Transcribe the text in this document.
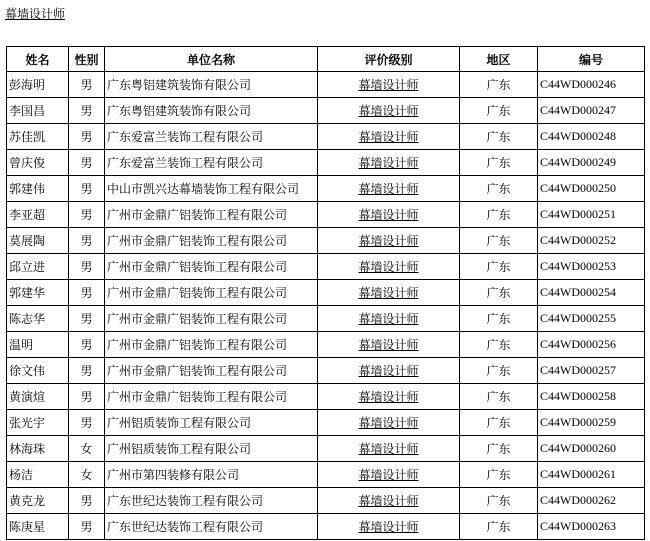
幕墙设计师
姓名	性别	单位名称	评价级别	地区	编号
彭海明	男	广东粤铝建筑装饰有限公司	幕墙设计师	广东	C44WD000246
李国昌	男	广东粤铝建筑装饰有限公司	幕墙设计师	广东	C44WD000247
苏佳凯	男	广东爱富兰装饰工程有限公司	幕墙设计师	广东	C44WD000248
曾庆俊	男	广东爱富兰装饰工程有限公司	幕墙设计师	广东	C44WD000249
郭建伟	男	中山市凯兴达幕墙装饰工程有限公司	幕墙设计师	广东	C44WD000250
李亚超	男	广州市金鼎广铝装饰工程有限公司	幕墙设计师	广东	C44WD000251
莫展陶	男	广州市金鼎广铝装饰工程有限公司	幕墙设计师	广东	C44WD000252
邱立进	男	广州市金鼎广铝装饰工程有限公司	幕墙设计师	广东	C44WD000253
郭建华	男	广州市金鼎广铝装饰工程有限公司	幕墙设计师	广东	C44WD000254
陈志华	男	广州市金鼎广铝装饰工程有限公司	幕墙设计师	广东	C44WD000255
温明	男	广州市金鼎广铝装饰工程有限公司	幕墙设计师	广东	C44WD000256
徐文伟	男	广州市金鼎广铝装饰工程有限公司	幕墙设计师	广东	C44WD000257
黄演煊	男	广州市金鼎广铝装饰工程有限公司	幕墙设计师	广东	C44WD000258
张光宇	男	广州铝质装饰工程有限公司	幕墙设计师	广东	C44WD000259
林海珠	女	广州铝质装饰工程有限公司	幕墙设计师	广东	C44WD000260
杨洁	女	广州市第四装修有限公司	幕墙设计师	广东	C44WD000261
黄克龙	男	广东世纪达装饰工程有限公司	幕墙设计师	广东	C44WD000262
陈庚星	男	广东世纪达装饰工程有限公司	幕墙设计师	广东	C44WD000263
